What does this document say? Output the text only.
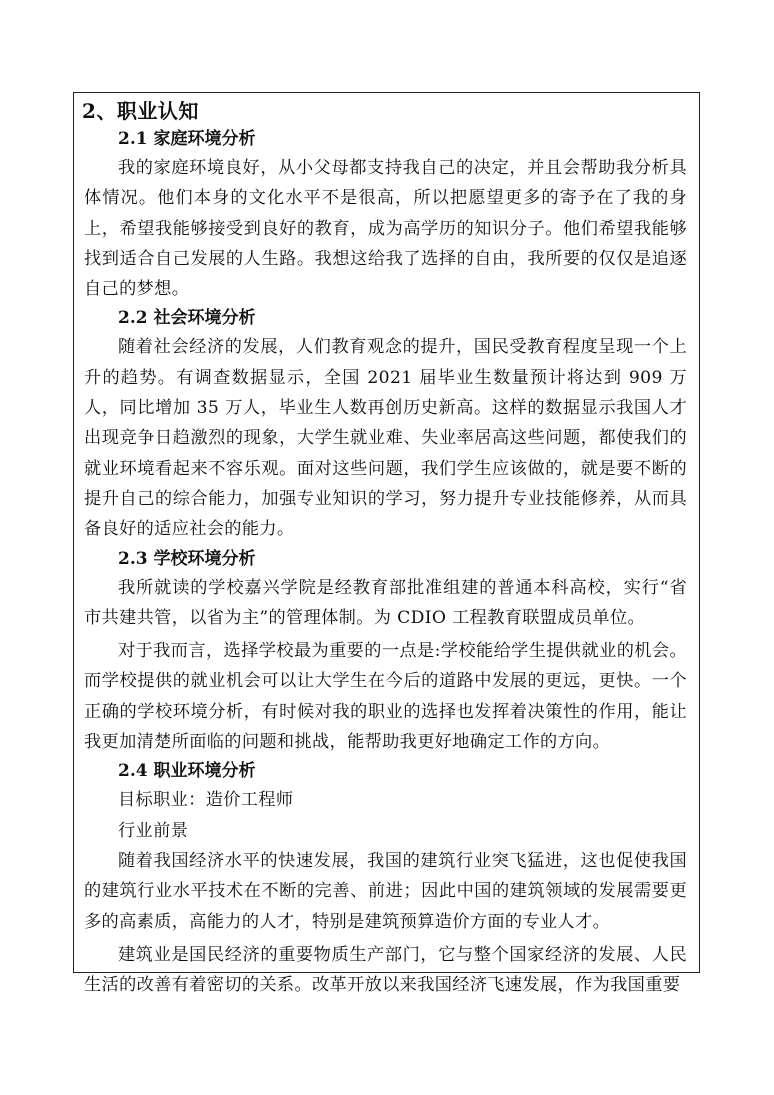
2、职业认知
2.1 家庭环境分析

我的家庭环境良好，从小父母都支持我自己的决定，并且会帮助我分析具体情况。他们本身的文化水平不是很高，所以把愿望更多的寄予在了我的身上，希望我能够接受到良好的教育，成为高学历的知识分子。他们希望我能够找到适合自己发展的人生路。我想这给我了选择的自由，我所要的仅仅是追逐自己的梦想。

2.2 社会环境分析

随着社会经济的发展，人们教育观念的提升，国民受教育程度呈现一个上升的趋势。有调查数据显示，全国 2021 届毕业生数量预计将达到 909 万人，同比增加 35 万人，毕业生人数再创历史新高。这样的数据显示我国人才出现竞争日趋激烈的现象，大学生就业难、失业率居高这些问题，都使我们的就业环境看起来不容乐观。面对这些问题，我们学生应该做的，就是要不断的提升自己的综合能力，加强专业知识的学习，努力提升专业技能修养，从而具备良好的适应社会的能力。

2.3 学校环境分析

我所就读的学校嘉兴学院是经教育部批准组建的普通本科高校，实行“省市共建共管，以省为主”的管理体制。为 CDIO 工程教育联盟成员单位。

对于我而言，选择学校最为重要的一点是:学校能给学生提供就业的机会。而学校提供的就业机会可以让大学生在今后的道路中发展的更远，更快。一个正确的学校环境分析，有时候对我的职业的选择也发挥着决策性的作用，能让我更加清楚所面临的问题和挑战，能帮助我更好地确定工作的方向。

2.4 职业环境分析
目标职业：造价工程师
行业前景

随着我国经济水平的快速发展，我国的建筑行业突飞猛进，这也促使我国的建筑行业水平技术在不断的完善、前进；因此中国的建筑领域的发展需要更多的高素质，高能力的人才，特别是建筑预算造价方面的专业人才。

建筑业是国民经济的重要物质生产部门，它与整个国家经济的发展、人民生活的改善有着密切的关系。改革开放以来我国经济飞速发展，作为我国重要
